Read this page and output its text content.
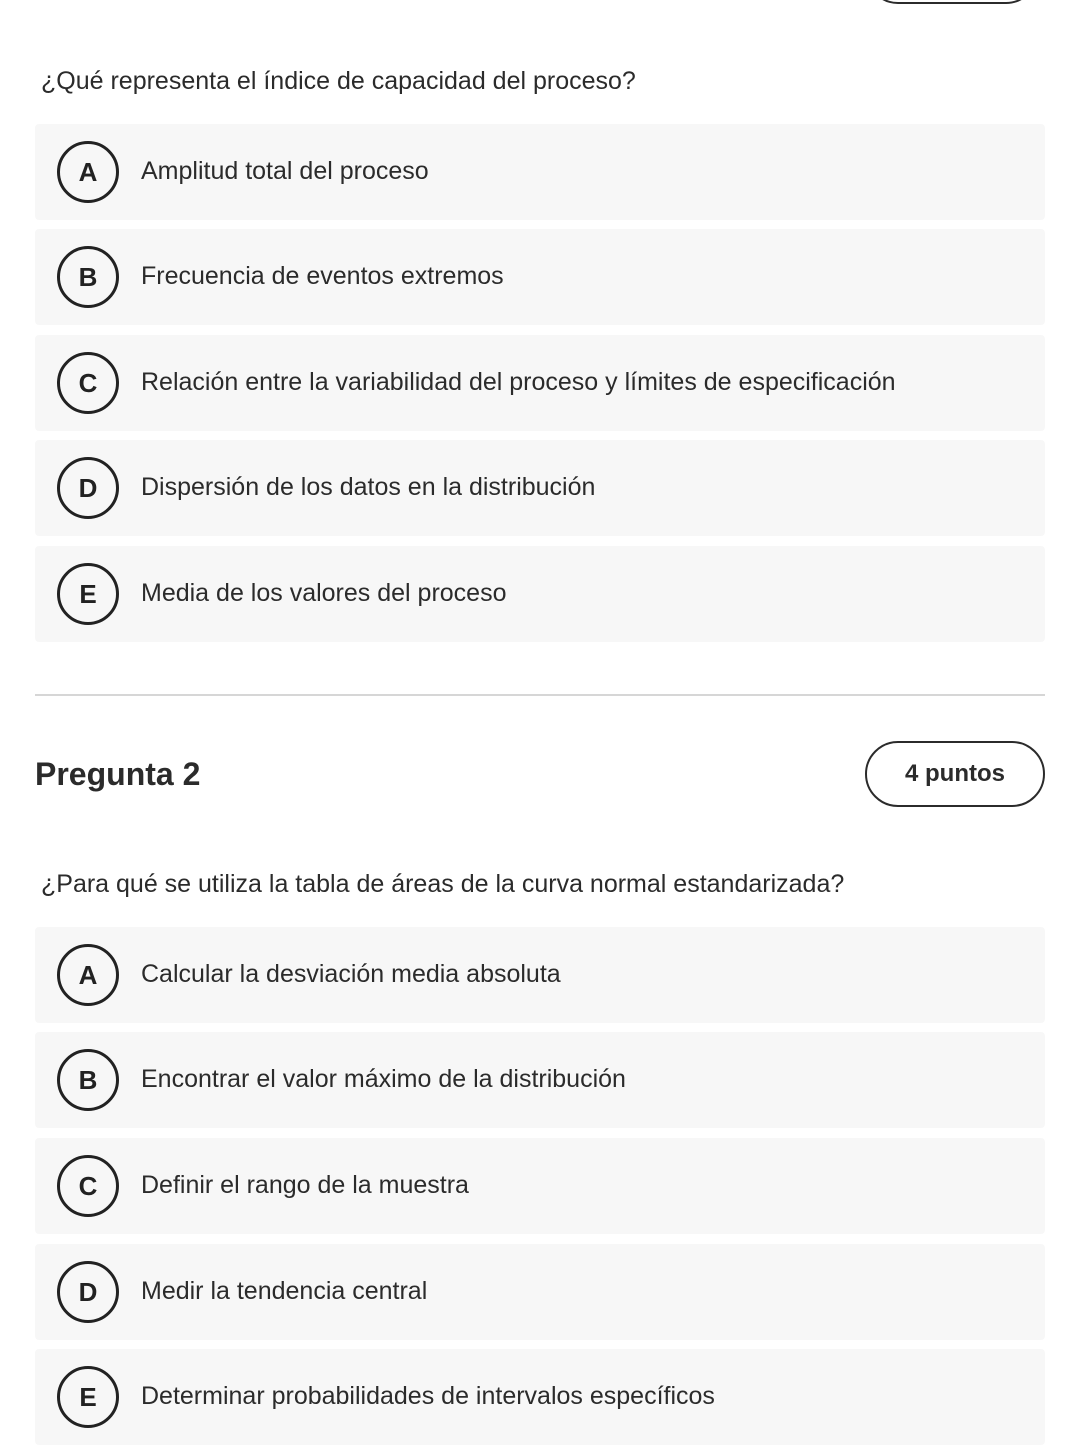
¿Qué representa el índice de capacidad del proceso?
A	Amplitud total del proceso
B	Frecuencia de eventos extremos
C	Relación entre la variabilidad del proceso y límites de especificación
D	Dispersión de los datos en la distribución
E	Media de los valores del proceso
Pregunta 2	4 puntos
¿Para qué se utiliza la tabla de áreas de la curva normal estandarizada?
A	Calcular la desviación media absoluta
B	Encontrar el valor máximo de la distribución
C	Definir el rango de la muestra
D	Medir la tendencia central
E	Determinar probabilidades de intervalos específicos
